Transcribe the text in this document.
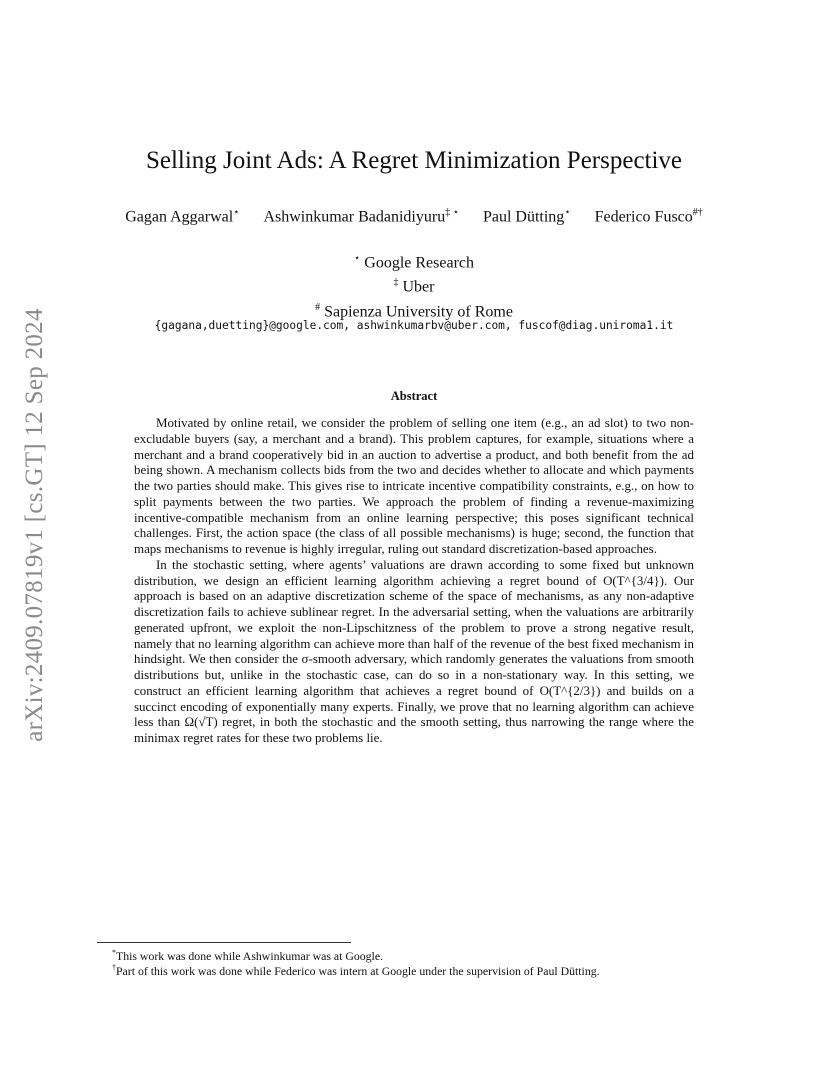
arXiv:2409.07819v1 [cs.GT] 12 Sep 2024
Selling Joint Ads: A Regret Minimization Perspective
Gagan Aggarwal⋆ Ashwinkumar Badanidiyuru‡ ⋆ Paul Dütting⋆ Federico Fusco#†
⋆ Google Research
‡ Uber
# Sapienza University of Rome
{gagana,duetting}@google.com, ashwinkumarbv@uber.com, fuscof@diag.uniroma1.it
Abstract

Motivated by online retail, we consider the problem of selling one item (e.g., an ad slot) to two non-excludable buyers (say, a merchant and a brand). This problem captures, for example, situations where a merchant and a brand cooperatively bid in an auction to advertise a product, and both benefit from the ad being shown. A mechanism collects bids from the two and decides whether to allocate and which payments the two parties should make. This gives rise to intricate incentive compatibility constraints, e.g., on how to split payments between the two parties. We approach the problem of finding a revenue-maximizing incentive-compatible mechanism from an online learning perspective; this poses significant technical challenges. First, the action space (the class of all possible mechanisms) is huge; second, the function that maps mechanisms to revenue is highly irregular, ruling out standard discretization-based approaches.

In the stochastic setting, where agents’ valuations are drawn according to some fixed but unknown distribution, we design an efficient learning algorithm achieving a regret bound of O(T^{3/4}). Our approach is based on an adaptive discretization scheme of the space of mechanisms, as any non-adaptive discretization fails to achieve sublinear regret. In the adversarial setting, when the valuations are arbitrarily generated upfront, we exploit the non-Lipschitzness of the problem to prove a strong negative result, namely that no learning algorithm can achieve more than half of the revenue of the best fixed mechanism in hindsight. We then consider the σ-smooth adversary, which randomly generates the valuations from smooth distributions but, unlike in the stochastic case, can do so in a non-stationary way. In this setting, we construct an efficient learning algorithm that achieves a regret bound of O(T^{2/3}) and builds on a succinct encoding of exponentially many experts. Finally, we prove that no learning algorithm can achieve less than Ω(√T) regret, in both the stochastic and the smooth setting, thus narrowing the range where the minimax regret rates for these two problems lie.

*This work was done while Ashwinkumar was at Google.
†Part of this work was done while Federico was intern at Google under the supervision of Paul Dütting.
